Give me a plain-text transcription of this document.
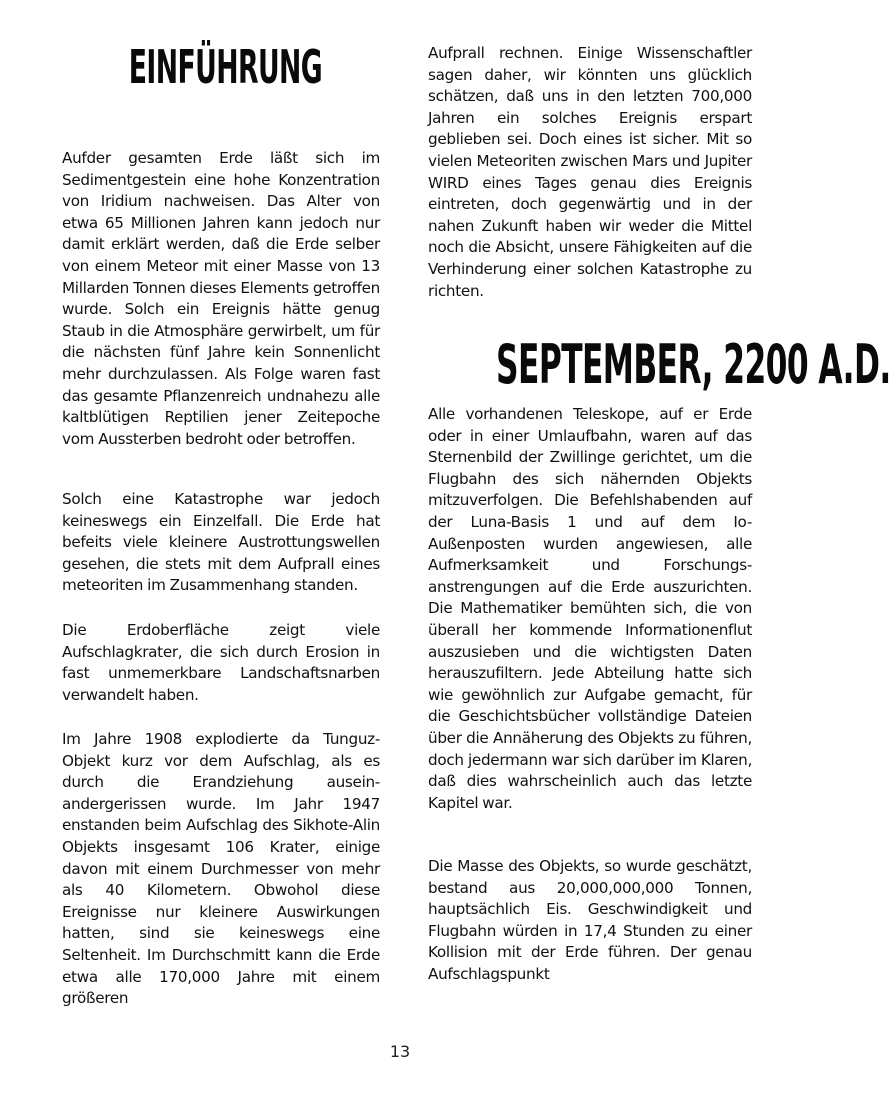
EINFÜHRUNG

Aufder gesamten Erde läßt sich im Sedimentgestein eine hohe Konzentration von Iridium nachweisen. Das Alter von etwa 65 Millionen Jahren kann jedoch nur damit erklärt werden, daß die Erde selber von einem Meteor mit einer Masse von 13 Millarden Tonnen dieses Elements getroffen wurde. Solch ein Ereignis hätte genug Staub in die Atmosphäre gerwirbelt, um für die nächsten fünf Jahre kein Sonnenlicht mehr durchzulassen. Als Folge waren fast das gesamte Pflanzenreich undnahezu alle kaltblütigen Reptilien jener Zeitepoche vom Aussterben bedroht oder betroffen.

Solch eine Katastrophe war jedoch keineswegs ein Einzelfall. Die Erde hat befeits viele kleinere Austrottungswellen gesehen, die stets mit dem Aufprall eines meteoriten im Zusammenhang standen.

Die Erdoberfläche zeigt viele Aufschlagkrater, die sich durch Erosion in fast unmemerkbare Landschaftsnarben verwandelt haben.

Im Jahre 1908 explodierte da Tunguz-Objekt kurz vor dem Aufschlag, als es durch die Erandziehung ausein-andergerissen wurde. Im Jahr 1947 enstanden beim Aufschlag des Sikhote-Alin Objekts insgesamt 106 Krater, einige davon mit einem Durchmesser von mehr als 40 Kilometern. Obwohol diese Ereignisse nur kleinere Auswirkungen hatten, sind sie keineswegs eine Seltenheit. Im Durchschmitt kann die Erde etwa alle 170,000 Jahre mit einem größeren

Aufprall rechnen. Einige Wissenschaftler sagen daher, wir könnten uns glücklich schätzen, daß uns in den letzten 700,000 Jahren ein solches Ereignis erspart geblieben sei. Doch eines ist sicher. Mit so vielen Meteoriten zwischen Mars und Jupiter WIRD eines Tages genau dies Ereignis eintreten, doch gegenwärtig und in der nahen Zukunft haben wir weder die Mittel noch die Absicht, unsere Fähigkeiten auf die Verhinderung einer solchen Katastrophe zu richten.

SEPTEMBER, 2200 A.D.

Alle vorhandenen Teleskope, auf er Erde oder in einer Umlaufbahn, waren auf das Sternenbild der Zwillinge gerichtet, um die Flugbahn des sich nähernden Objekts mitzuverfolgen. Die Befehlshabenden auf der Luna-Basis 1 und auf dem Io-Außenposten wurden angewiesen, alle Aufmerksamkeit und Forschungs-anstrengungen auf die Erde auszurichten. Die Mathematiker bemühten sich, die von überall her kommende Informationenflut auszusieben und die wichtigsten Daten herauszufiltern. Jede Abteilung hatte sich wie gewöhnlich zur Aufgabe gemacht, für die Geschichtsbücher vollständige Dateien über die Annäherung des Objekts zu führen, doch jedermann war sich darüber im Klaren, daß dies wahrscheinlich auch das letzte Kapitel war.

Die Masse des Objekts, so wurde geschätzt, bestand aus 20,000,000,000 Tonnen, hauptsächlich Eis. Geschwindigkeit und Flugbahn würden in 17,4 Stunden zu einer Kollision mit der Erde führen. Der genau Aufschlagspunkt

13
